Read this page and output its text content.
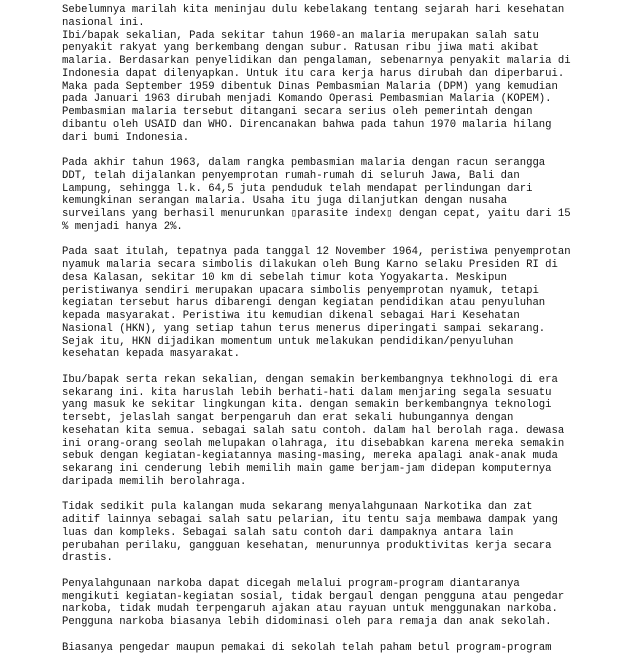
Sebelumnya marilah kita meninjau dulu kebelakang tentang sejarah hari kesehatan
nasional ini.
Ibi/bapak sekalian, Pada sekitar tahun 1960-an malaria merupakan salah satu
penyakit rakyat yang berkembang dengan subur. Ratusan ribu jiwa mati akibat
malaria. Berdasarkan penyelidikan dan pengalaman, sebenarnya penyakit malaria di
Indonesia dapat dilenyapkan. Untuk itu cara kerja harus dirubah dan diperbarui.
Maka pada September 1959 dibentuk Dinas Pembasmian Malaria (DPM) yang kemudian
pada Januari 1963 dirubah menjadi Komando Operasi Pembasmian Malaria (KOPEM).
Pembasmian malaria tersebut ditangani secara serius oleh pemerintah dengan
dibantu oleh USAID dan WHO. Direncanakan bahwa pada tahun 1970 malaria hilang
dari bumi Indonesia.
Pada akhir tahun 1963, dalam rangka pembasmian malaria dengan racun serangga
DDT, telah dijalankan penyemprotan rumah-rumah di seluruh Jawa, Bali dan
Lampung, sehingga l.k. 64,5 juta penduduk telah mendapat perlindungan dari
kemungkinan serangan malaria. Usaha itu juga dilanjutkan dengan nusaha
surveilans yang berhasil menurunkan ▯parasite index▯ dengan cepat, yaitu dari 15
% menjadi hanya 2%.
Pada saat itulah, tepatnya pada tanggal 12 November 1964, peristiwa penyemprotan
nyamuk malaria secara simbolis dilakukan oleh Bung Karno selaku Presiden RI di
desa Kalasan, sekitar 10 km di sebelah timur kota Yogyakarta. Meskipun
peristiwanya sendiri merupakan upacara simbolis penyemprotan nyamuk, tetapi
kegiatan tersebut harus dibarengi dengan kegiatan pendidikan atau penyuluhan
kepada masyarakat. Peristiwa itu kemudian dikenal sebagai Hari Kesehatan
Nasional (HKN), yang setiap tahun terus menerus diperingati sampai sekarang.
Sejak itu, HKN dijadikan momentum untuk melakukan pendidikan/penyuluhan
kesehatan kepada masyarakat.
Ibu/bapak serta rekan sekalian, dengan semakin berkembangnya tekhnologi di era
sekarang ini. kita haruslah lebih berhati-hati dalam menjaring segala sesuatu
yang masuk ke sekitar lingkungan kita. dengan semakin berkembangnya teknologi
tersebt, jelaslah sangat berpengaruh dan erat sekali hubungannya dengan
kesehatan kita semua. sebagai salah satu contoh. dalam hal berolah raga. dewasa
ini orang-orang seolah melupakan olahraga, itu disebabkan karena mereka semakin
sebuk dengan kegiatan-kegiatannya masing-masing, mereka apalagi anak-anak muda
sekarang ini cenderung lebih memilih main game berjam-jam didepan komputernya
daripada memilih berolahraga.
Tidak sedikit pula kalangan muda sekarang menyalahgunaan Narkotika dan zat
aditif lainnya sebagai salah satu pelarian, itu tentu saja membawa dampak yang
luas dan kompleks. Sebagai salah satu contoh dari dampaknya antara lain
perubahan perilaku, gangguan kesehatan, menurunnya produktivitas kerja secara
drastis.
Penyalahgunaan narkoba dapat dicegah melalui program-program diantaranya
mengikuti kegiatan-kegiatan sosial, tidak bergaul dengan pengguna atau pengedar
narkoba, tidak mudah terpengaruh ajakan atau rayuan untuk menggunakan narkoba.
Pengguna narkoba biasanya lebih didominasi oleh para remaja dan anak sekolah.
Biasanya pengedar maupun pemakai di sekolah telah paham betul program-program
